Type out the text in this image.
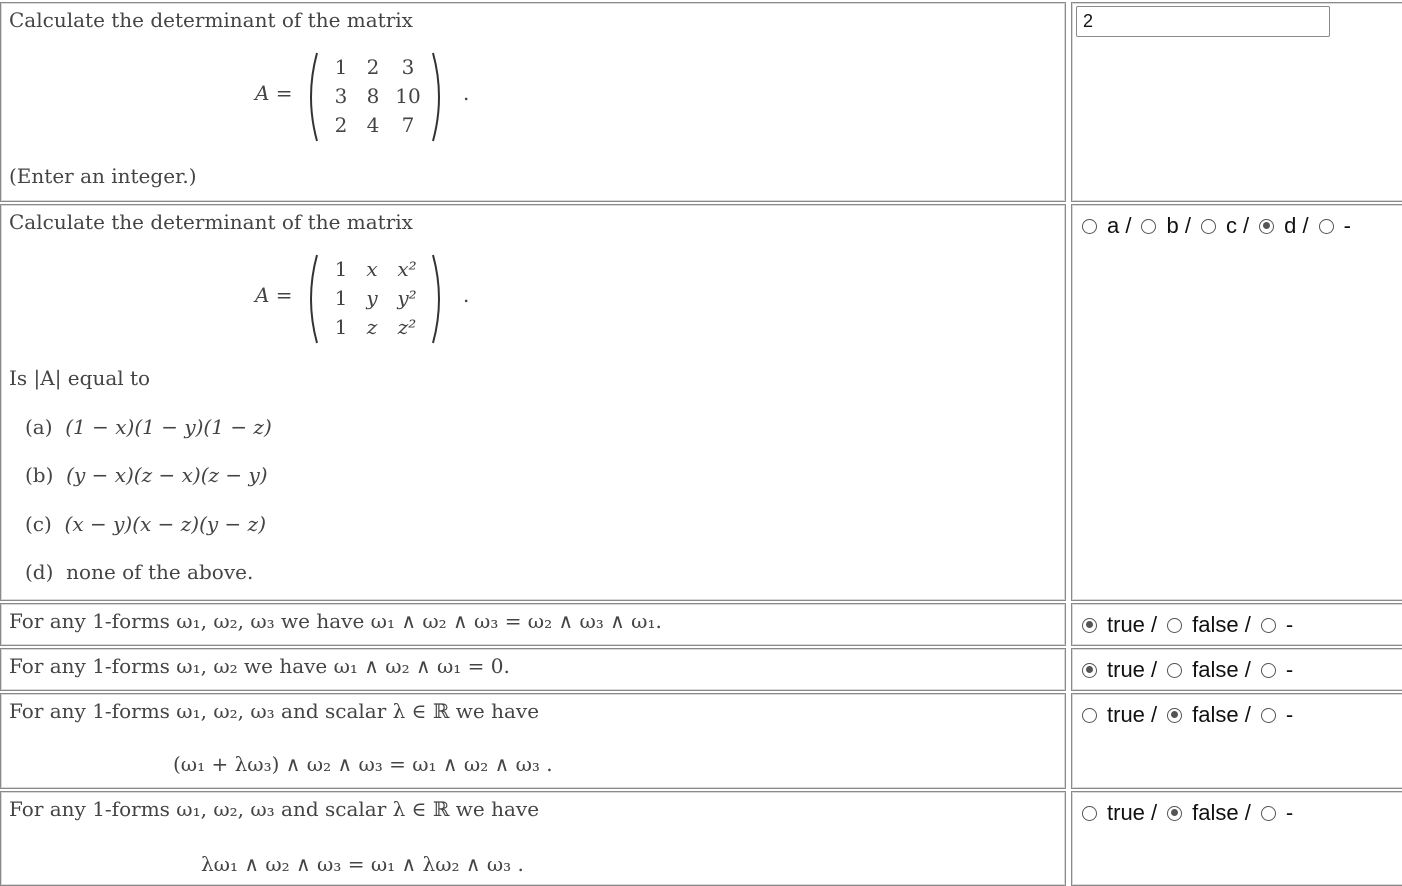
Calculate the determinant of the matrix
A =
1 2	3
3 8 10
2 4	7
.
(Enter an integer.)
2
Calculate the determinant of the matrix
A =
1 x x²
1 y y²
1 z	z²
.
Is |A| equal to
(a) (1 − x)(1 − y)(1 − z)
(b) (y − x)(z − x)(z − y)
(c) (x − y)(x − z)(y − z)
(d) none of the above.
a / b / c / d / -
For any 1-forms ω₁, ω₂, ω₃ we have ω₁ ∧ ω₂ ∧ ω₃ = ω₂ ∧ ω₃ ∧ ω₁.	true / false / -
For any 1-forms ω₁, ω₂ we have ω₁ ∧ ω₂ ∧ ω₁ = 0.	true / false / -
For any 1-forms ω₁, ω₂, ω₃ and scalar λ ∈ ℝ we have
(ω₁ + λω₃) ∧ ω₂ ∧ ω₃ = ω₁ ∧ ω₂ ∧ ω₃ .
true / false / -
For any 1-forms ω₁, ω₂, ω₃ and scalar λ ∈ ℝ we have
λω₁ ∧ ω₂ ∧ ω₃ = ω₁ ∧ λω₂ ∧ ω₃ .
true / false / -
